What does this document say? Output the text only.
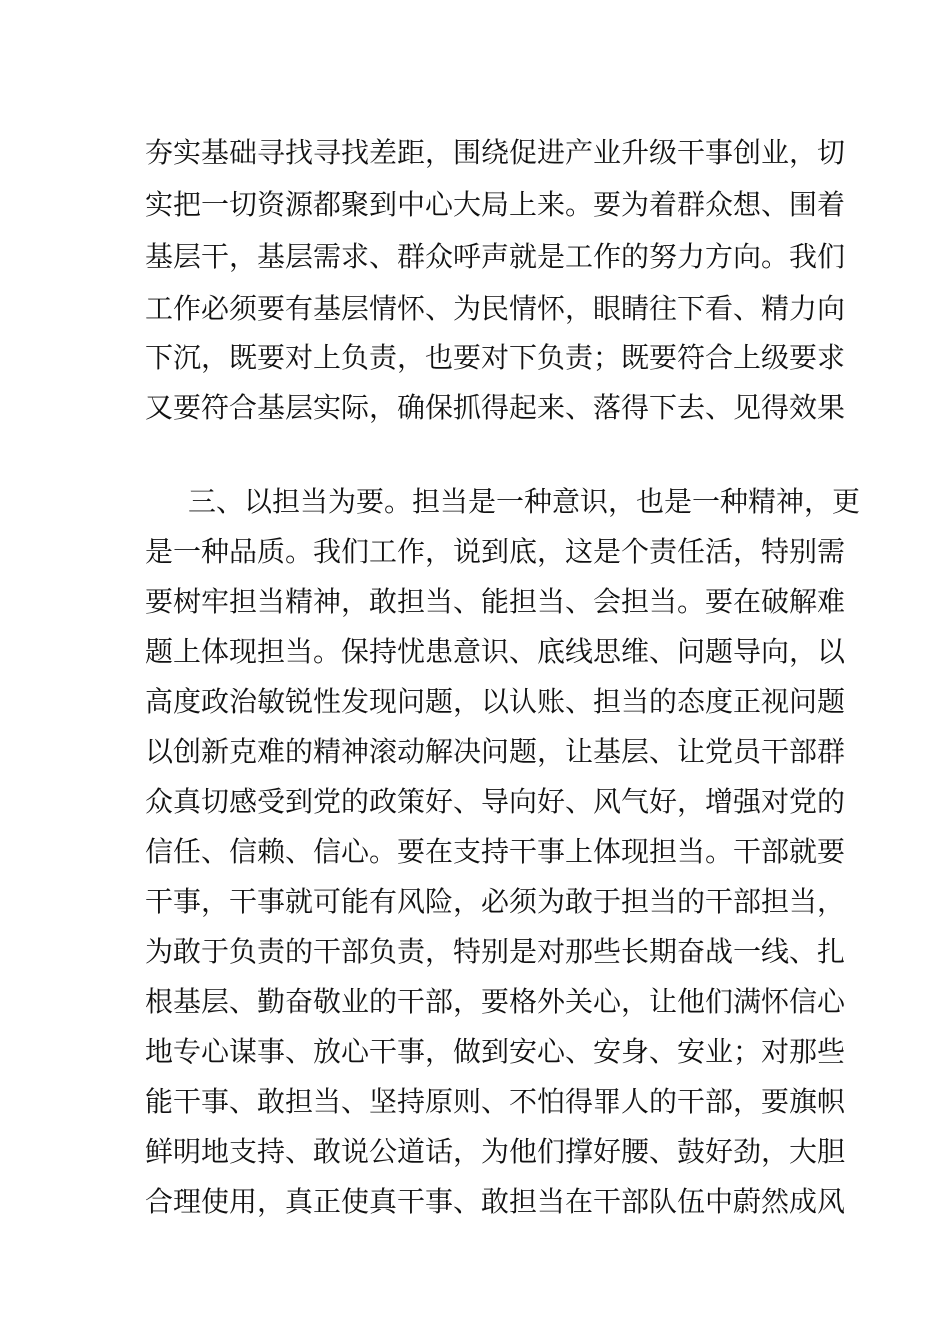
夯实基础寻找寻找差距，围绕促进产业升级干事创业，切
实把一切资源都聚到中心大局上来。要为着群众想、围着
基层干，基层需求、群众呼声就是工作的努力方向。我们
工作必须要有基层情怀、为民情怀，眼睛往下看、精力向
下沉，既要对上负责，也要对下负责；既要符合上级要求
又要符合基层实际，确保抓得起来、落得下去、见得效果
三、以担当为要。担当是一种意识，也是一种精神，更
是一种品质。我们工作，说到底，这是个责任活，特别需
要树牢担当精神，敢担当、能担当、会担当。要在破解难
题上体现担当。保持忧患意识、底线思维、问题导向，以
高度政治敏锐性发现问题，以认账、担当的态度正视问题
以创新克难的精神滚动解决问题，让基层、让党员干部群
众真切感受到党的政策好、导向好、风气好，增强对党的
信任、信赖、信心。要在支持干事上体现担当。干部就要
干事，干事就可能有风险，必须为敢于担当的干部担当，
为敢于负责的干部负责，特别是对那些长期奋战一线、扎
根基层、勤奋敬业的干部，要格外关心，让他们满怀信心
地专心谋事、放心干事，做到安心、安身、安业；对那些
能干事、敢担当、坚持原则、不怕得罪人的干部，要旗帜
鲜明地支持、敢说公道话，为他们撑好腰、鼓好劲，大胆
合理使用，真正使真干事、敢担当在干部队伍中蔚然成风
